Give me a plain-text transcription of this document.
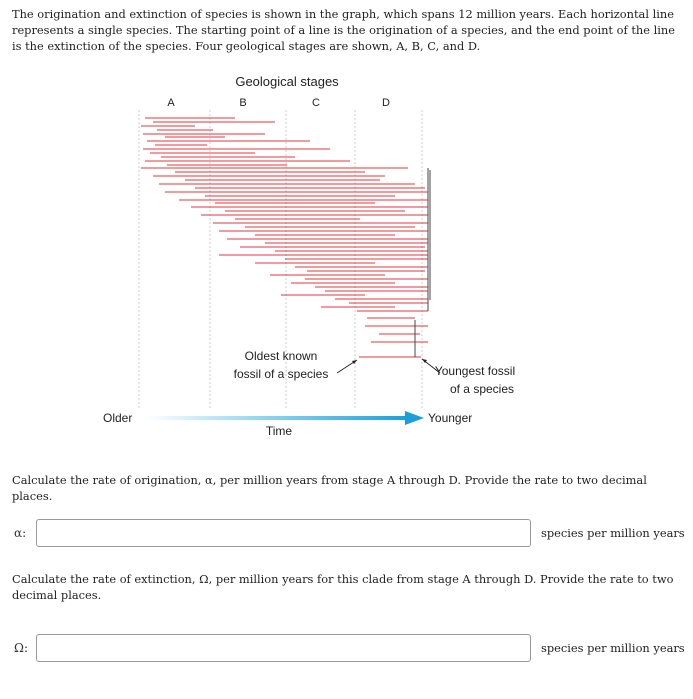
The origination and extinction of species is shown in the graph, which spans 12 million years. Each horizontal line represents a single species. The starting point of a line is the origination of a species, and the end point of the line is the extinction of the species. Four geological stages are shown, A, B, C, and D.
Geological stages
A	B	C	D
Oldest known
fossil of a species	Youngest fossil
of a species
Older	Younger
Time
Calculate the rate of origination, α, per million years from stage A through D. Provide the rate to two decimal places.
α:	species per million years
Calculate the rate of extinction, Ω, per million years for this clade from stage A through D. Provide the rate to two decimal places.
Ω:	species per million years
